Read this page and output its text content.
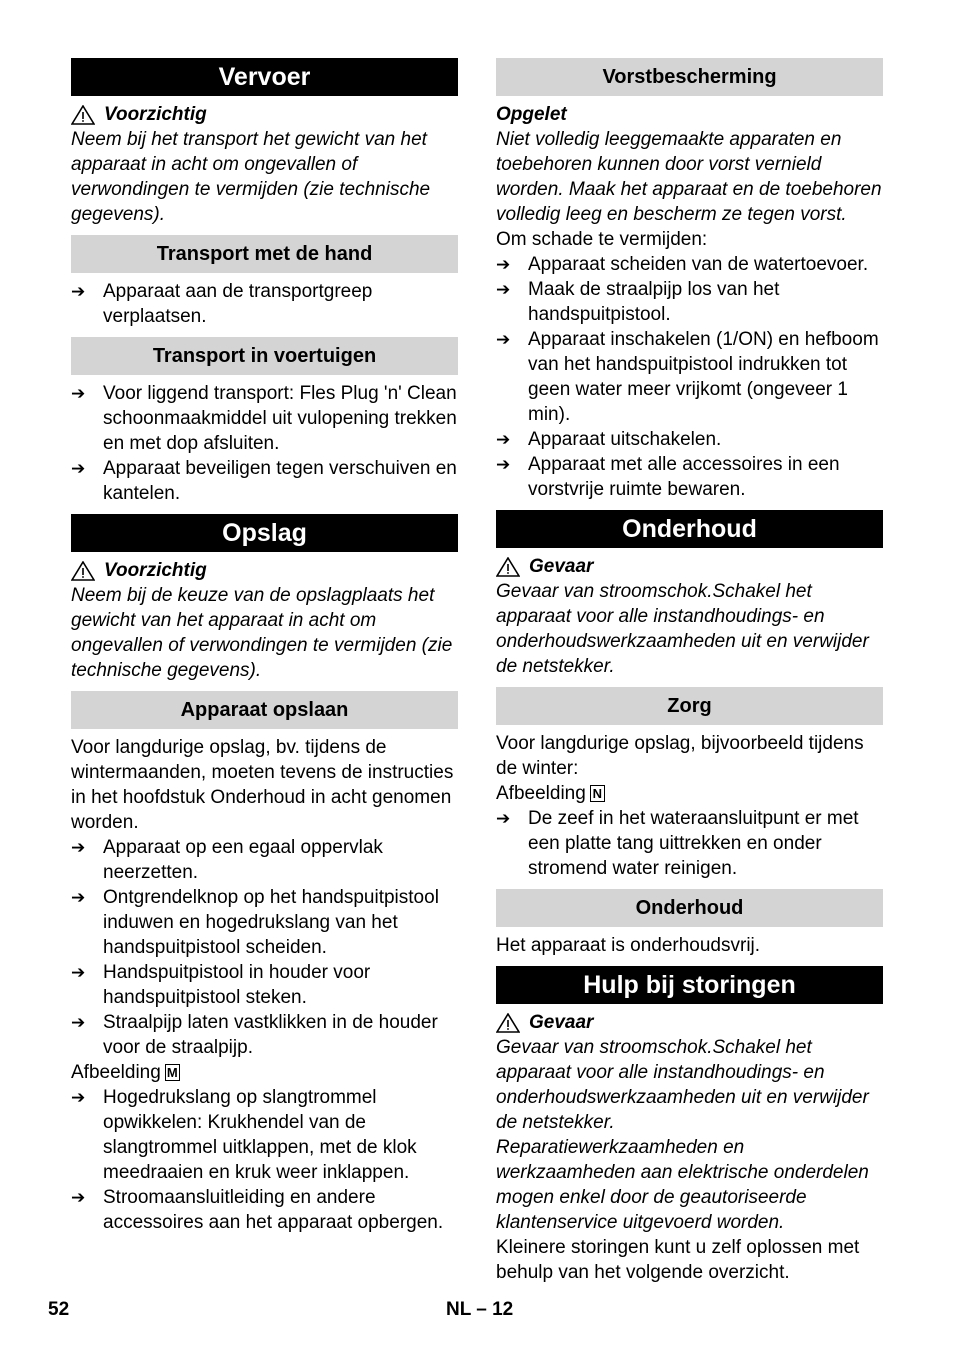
Vervoer
Voorzichtig
Neem bij het transport het gewicht van het apparaat in acht om ongevallen of verwondingen te vermijden (zie technische gegevens).
Transport met de hand
➔ Apparaat aan de transportgreep verplaatsen.
Transport in voertuigen
➔ Voor liggend transport: Fles Plug 'n' Clean schoonmaakmiddel uit vulopening trekken en met dop afsluiten.
➔ Apparaat beveiligen tegen verschuiven en kantelen.
Opslag
Voorzichtig
Neem bij de keuze van de opslagplaats het gewicht van het apparaat in acht om ongevallen of verwondingen te vermijden (zie technische gegevens).
Apparaat opslaan
Voor langdurige opslag, bv. tijdens de wintermaanden, moeten tevens de instructies in het hoofdstuk Onderhoud in acht genomen worden.
➔ Apparaat op een egaal oppervlak neerzetten.
➔ Ontgrendelknop op het handspuitpistool induwen en hogedrukslang van het handspuitpistool scheiden.
➔ Handspuitpistool in houder voor handspuitpistool steken.
➔ Straalpijp laten vastklikken in de houder voor de straalpijp.
Afbeelding M
➔ Hogedrukslang op slangtrommel opwikkelen: Krukhendel van de slangtrommel uitklappen, met de klok meedraaien en kruk weer inklappen.
➔ Stroomaansluitleiding en andere accessoires aan het apparaat opbergen.
Vorstbescherming
Opgelet
Niet volledig leeggemaakte apparaten en toebehoren kunnen door vorst vernield worden. Maak het apparaat en de toebehoren volledig leeg en bescherm ze tegen vorst.
Om schade te vermijden:
➔ Apparaat scheiden van de watertoevoer.
➔ Maak de straalpijp los van het handspuitpistool.
➔ Apparaat inschakelen (1/ON) en hefboom van het handspuitpistool indrukken tot geen water meer vrijkomt (ongeveer 1 min).
➔ Apparaat uitschakelen.
➔ Apparaat met alle accessoires in een vorstvrije ruimte bewaren.
Onderhoud
Gevaar
Gevaar van stroomschok.Schakel het apparaat voor alle instandhoudings- en onderhoudswerkzaamheden uit en verwijder de netstekker.
Zorg
Voor langdurige opslag, bijvoorbeeld tijdens de winter:
Afbeelding N
➔ De zeef in het wateraansluitpunt er met een platte tang uittrekken en onder stromend water reinigen.
Onderhoud
Het apparaat is onderhoudsvrij.
Hulp bij storingen
Gevaar
Gevaar van stroomschok.Schakel het apparaat voor alle instandhoudings- en onderhoudswerkzaamheden uit en verwijder de netstekker.
Reparatiewerkzaamheden en werkzaamheden aan elektrische onderdelen mogen enkel door de geautoriseerde klantenservice uitgevoerd worden.
Kleinere storingen kunt u zelf oplossen met behulp van het volgende overzicht.
52	NL – 12
